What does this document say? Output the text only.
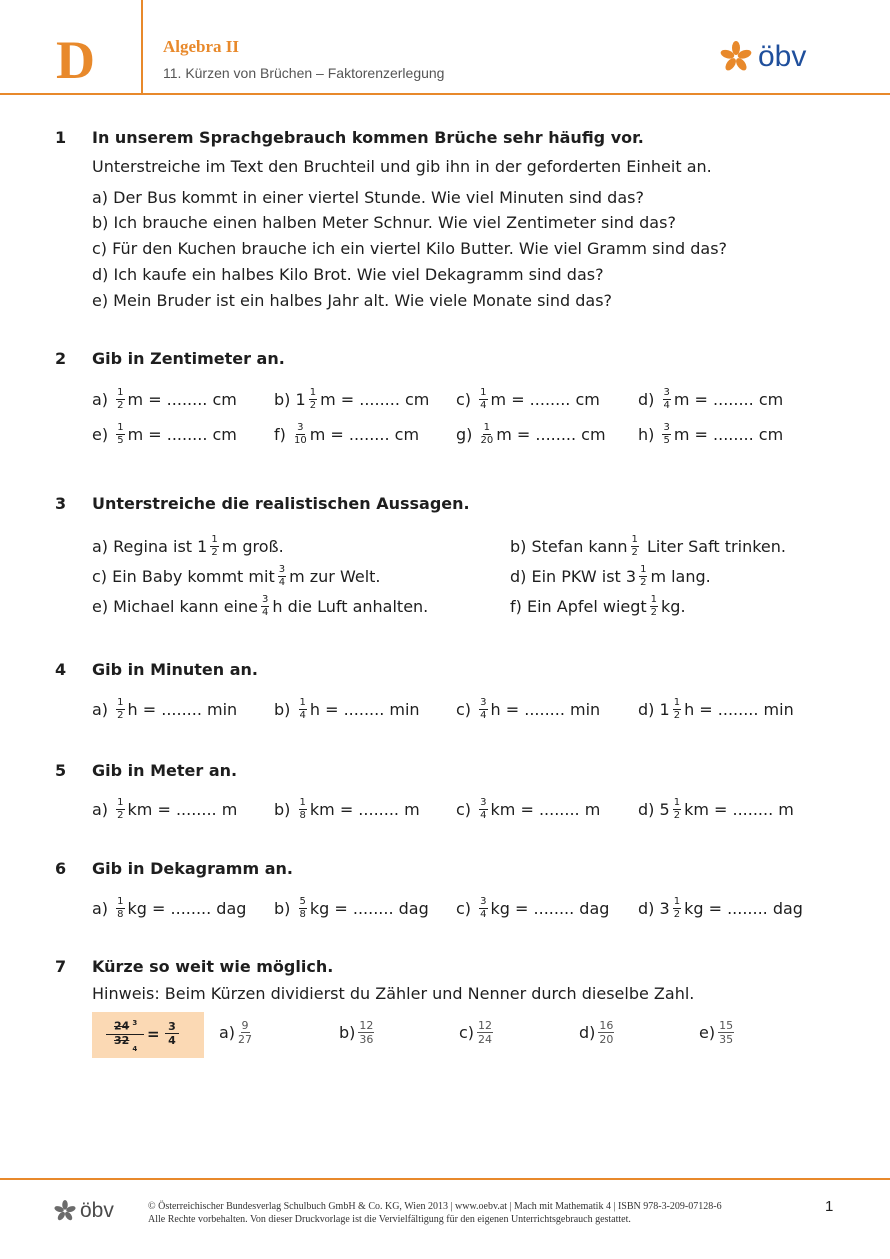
D	Algebra II
11. Kürzen von Brüchen – Faktorenzerlegung	öbv
1 In unserem Sprachgebrauch kommen Brüche sehr häufig vor.
Unterstreiche im Text den Bruchteil und gib ihn in der geforderten Einheit an.
a) Der Bus kommt in einer viertel Stunde. Wie viel Minuten sind das?
b) Ich brauche einen halben Meter Schnur. Wie viel Zentimeter sind das?
c) Für den Kuchen brauche ich ein viertel Kilo Butter. Wie viel Gramm sind das?
d) Ich kaufe ein halbes Kilo Brot. Wie viel Dekagramm sind das?
e) Mein Bruder ist ein halbes Jahr alt. Wie viele Monate sind das?
2 Gib in Zentimeter an.
$a) \frac{1}{2}$ m = ........ cm b) $1 \frac{1}{2}$ m = ........ cm $c) \frac{1}{4}$ m = ........ cm $d) \frac{3}{4}$ m = ........ cm
$e) \frac{1}{5}$ m = ........ cm $f) \frac{3}{10}$ m = ........ cm $g) \frac{1}{20}$ m = ........ cm $h) \frac{3}{5}$ m = ........ cm
3 Unterstreiche die realistischen Aussagen.
a) Regina ist $1 \frac{1}{2}$ m groß.	b) Stefan kann $\frac{1}{2}$ Liter Saft trinken.
c) Ein Baby kommt mit $\frac{3}{4}$ m zur Welt.	d) Ein PKW ist $3 \frac{1}{2}$ m lang.
e) Michael kann eine $\frac{3}{4}$ h die Luft anhalten.	f) Ein Apfel wiegt $\frac{1}{2}$ kg.
4 Gib in Minuten an.
$a) \frac{1}{2}$ h = ........ $\min b) \frac{1}{4}$ h = ........ $\min c) \frac{3}{4}$ h = ........ min d) $1 \frac{1}{2}$ h = ........ min
5 Gib in Meter an.
$a) \frac{1}{2}$ km = ........ m $b) \frac{1}{8}$ km = ........ m $c) \frac{3}{4}$ km = ........ m d) $5 \frac{1}{2}$ km = ........ m
6 Gib in Dekagramm an.
$a) \frac{1}{8}$ kg = ........ dag $b) \frac{5}{8}$ kg = ........ dag $c) \frac{3}{4}$ kg = ........ dag d) $3 \frac{1}{2}$ kg = ........ dag
7 Kürze so weit wie möglich.
Hinweis: Beim Kürzen dividierst du Zähler und Nenner durch dieselbe Zahl.
24 $^3$
$32_4$
= 3
4	$a) \frac{9}{27}$	$b) \frac{12}{36}$	$c) \frac{12}{24}$	$d) \frac{16}{20}$	$e) \frac{15}{35}$
öbv	© Österreichischer Bundesverlag Schulbuch GmbH & Co. KG, Wien 2013 | www.oebv.at | Mach mit Mathematik 4 | ISBN 978-3-209-07128-6
Alle Rechte vorbehalten. Von dieser Druckvorlage ist die Vervielfältigung für den eigenen Unterrichtsgebrauch gestattet.
1
